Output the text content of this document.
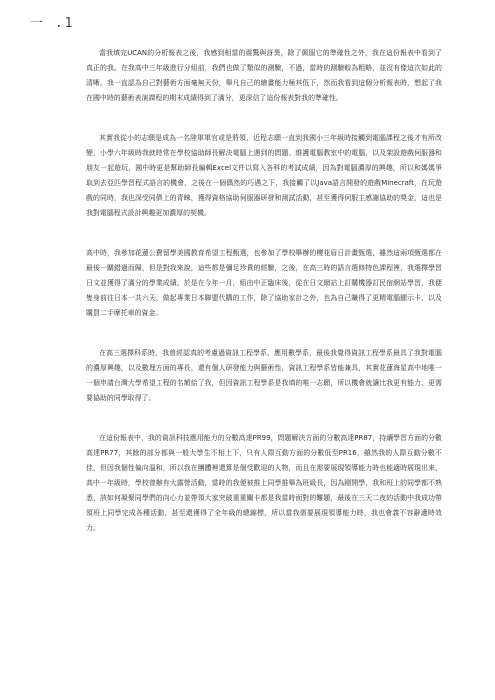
一 .1

當我填完UCAN的分析報表之後，我感到相當的震驚與訝異，除了佩服它的準確性之外，我在這份報表中看到了真正的我。在我高中三年級進行分組前，我們也做了類似的測驗，不過，當時的測驗較為粗略，並沒有像這次如此的清晰。我一直認為自己對藝術方面毫無天份，舉凡自己的繪畫能力極其低下，然而我看到這個分析報表時，想起了我在國中時的藝術表演課程的期末成績得到了滿分，更深信了這份報表對我的準確性。

其實我從小的志願是成為一名陸軍軍官或是將領，近程志願一直到我國小三年級時接觸到電腦課程之後才有所改變，小學六年級時我就時常在學校協助師長解決電腦上遇到的問題、維護電腦教室中的電腦，以及架設遊戲伺服器和朋友一起遊玩，國中時更是幫助師長編輯Excel文件以寫入各科的考試成績，因為對電腦濃厚的興趣，所以和媽媽爭取到去亞匹學習程式語言的機會，之後在一個偶然的巧遇之下，我接觸了以Java語言開發的遊戲Minecraft，在玩遊戲的同時，我也深受同儕上的青睞，獲得資格協助伺服器研發和測試活動，甚至獲得伺服主感謝協助的獎金，這也是我對電腦程式設計興趣更加濃厚的契機。

高中時，我參加花蓮公費留學美國教育希望工程甄選，也參加了學校舉辦的櫻花眉日計畫甄選，雖然這兩項甄選都在最後一關錯過而歸，但是對我來說，這些都是彌足珍貴的經驗，之後，在高三時的語言選修特色課程裡，我選擇學習日文並獲得了滿分的學業成績，於是在今年一月，組由中正臨床後，從在日文網站上訂購機器訂民宿網站學習，我便隻身前往日本一共六天，做起專業日本聯盟代購的工作，除了協助家計之外，也為自己賺得了更精電腦顯示卡、以及購買二手摩托車的資金。

在高三選擇科系時，我曾經認真的考慮過資訊工程學系、應用數學系，最後我覺得資訊工程學系最具了我對電腦的濃厚興趣，以及數理方面的專長，還有個人研發能力與藝術性，資訊工程學系皆能兼具，其實花蓮海星高中地唯一一個申請台灣大學希望工程的名額給了我，但因資訊工程學系是我填的唯一志願，所以機會就讓比我更有能力、更需要協助的同學取得了。

在這份報表中，我的資訊科技應用能力的分數高達PR99，問題解決方面的分數高達PR87，持續學習方面的分數高達PR77，其餘的部分都與一般大學生不相上下，只有人際互動方面的分數低至PR16，雖然我的人際互動分數不佳，但因我個性偏向溫和，所以我在團體裡還算是個受歡迎的人物，而且在需要展現領導能力時也能適時展現出來，高中一年級時，學校曾辦有大露營活動，當時的我便被推上同學推舉為班級長，因為剛開學，我和班上的同學都不熟悉，該如何凝聚同學們的向心力並帶領大家突破重重關卡都是我當時面對的難題，最後在三天二夜的活動中我成功帶領班上同學完成各種活動，甚至還獲得了全年級的總錦標，所以當我需要展現領導能力時，我也會義不容辭適時效力。
